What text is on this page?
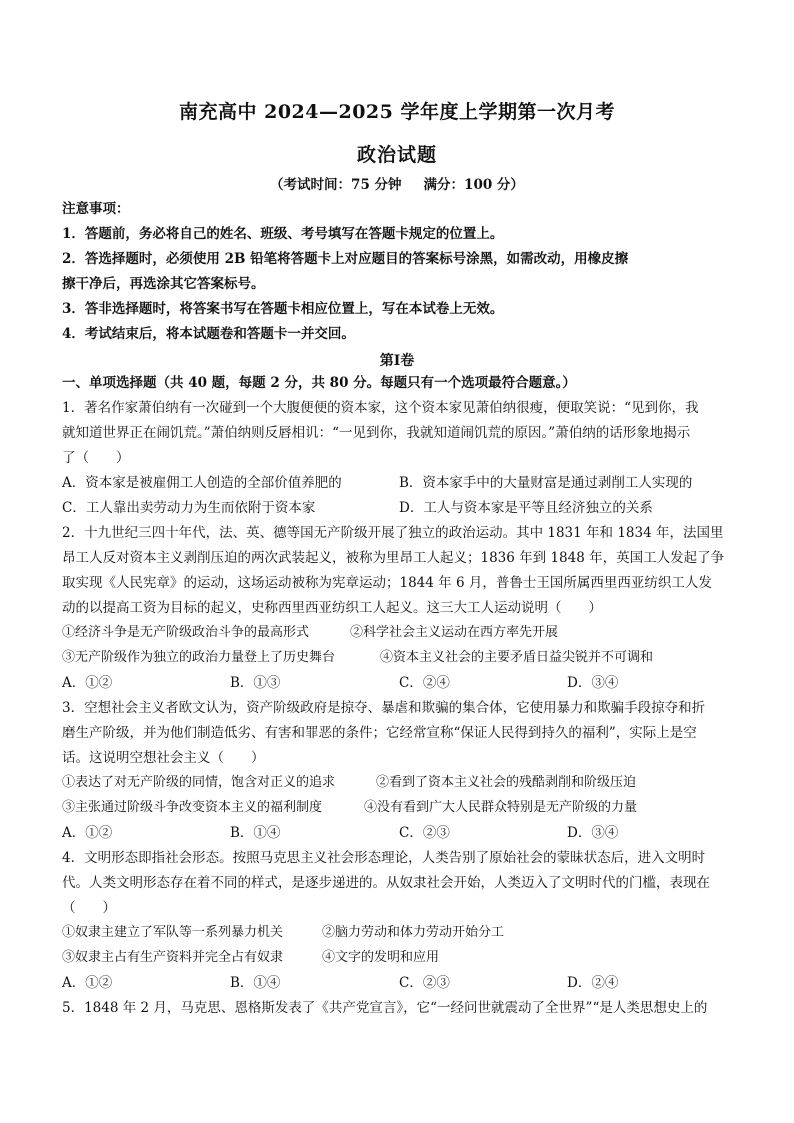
南充高中 2024—2025 学年度上学期第一次月考
政治试题
（考试时间：75 分钟 满分：100 分）
注意事项：
1．答题前，务必将自己的姓名、班级、考号填写在答题卡规定的位置上。
2．答选择题时，必须使用 2B 铅笔将答题卡上对应题目的答案标号涂黑，如需改动，用橡皮擦
擦干净后，再选涂其它答案标号。
3．答非选择题时，将答案书写在答题卡相应位置上，写在本试卷上无效。
4．考试结束后，将本试题卷和答题卡一并交回。
第Ⅰ卷
一、单项选择题（共 40 题，每题 2 分，共 80 分。每题只有一个选项最符合题意。）
1．著名作家萧伯纳有一次碰到一个大腹便便的资本家，这个资本家见萧伯纳很瘦，便取笑说：“见到你，我
就知道世界正在闹饥荒。”萧伯纳则反唇相讥：“一见到你，我就知道闹饥荒的原因。”萧伯纳的话形象地揭示
了（　　）
A．资本家是被雇佣工人创造的全部价值养肥的	B．资本家手中的大量财富是通过剥削工人实现的
C．工人靠出卖劳动力为生而依附于资本家	D．工人与资本家是平等且经济独立的关系
2．十九世纪三四十年代，法、英、德等国无产阶级开展了独立的政治运动。其中 1831 年和 1834 年，法国里
昂工人反对资本主义剥削压迫的两次武装起义，被称为里昂工人起义；1836 年到 1848 年，英国工人发起了争
取实现《人民宪章》的运动，这场运动被称为宪章运动；1844 年 6 月，普鲁士王国所属西里西亚纺织工人发
动的以提高工资为目标的起义，史称西里西亚纺织工人起义。这三大工人运动说明（　　）
①经济斗争是无产阶级政治斗争的最高形式	②科学社会主义运动在西方率先开展
③无产阶级作为独立的政治力量登上了历史舞台	④资本主义社会的主要矛盾日益尖锐并不可调和
A．①②	B．①③	C．②④	D．③④
3．空想社会主义者欧文认为，资产阶级政府是掠夺、暴虐和欺骗的集合体，它使用暴力和欺骗手段掠夺和折
磨生产阶级，并为他们制造低劣、有害和罪恶的条件；它经常宣称“保证人民得到持久的福利”，实际上是空
话。这说明空想社会主义（　　）
①表达了对无产阶级的同情，饱含对正义的追求	②看到了资本主义社会的残酷剥削和阶级压迫
③主张通过阶级斗争改变资本主义的福利制度	④没有看到广大人民群众特别是无产阶级的力量
A．①②	B．①④	C．②③	D．③④
4．文明形态即指社会形态。按照马克思主义社会形态理论，人类告别了原始社会的蒙昧状态后，进入文明时
代。人类文明形态存在着不同的样式，是逐步递进的。从奴隶社会开始，人类迈入了文明时代的门槛，表现在
（　　）
①奴隶主建立了军队等一系列暴力机关	②脑力劳动和体力劳动开始分工
③奴隶主占有生产资料并完全占有奴隶	④文字的发明和应用
A．①②	B．①④	C．②③	D．②④
5．1848 年 2 月，马克思、恩格斯发表了《共产党宣言》，它“一经问世就震动了全世界”“是人类思想史上的
